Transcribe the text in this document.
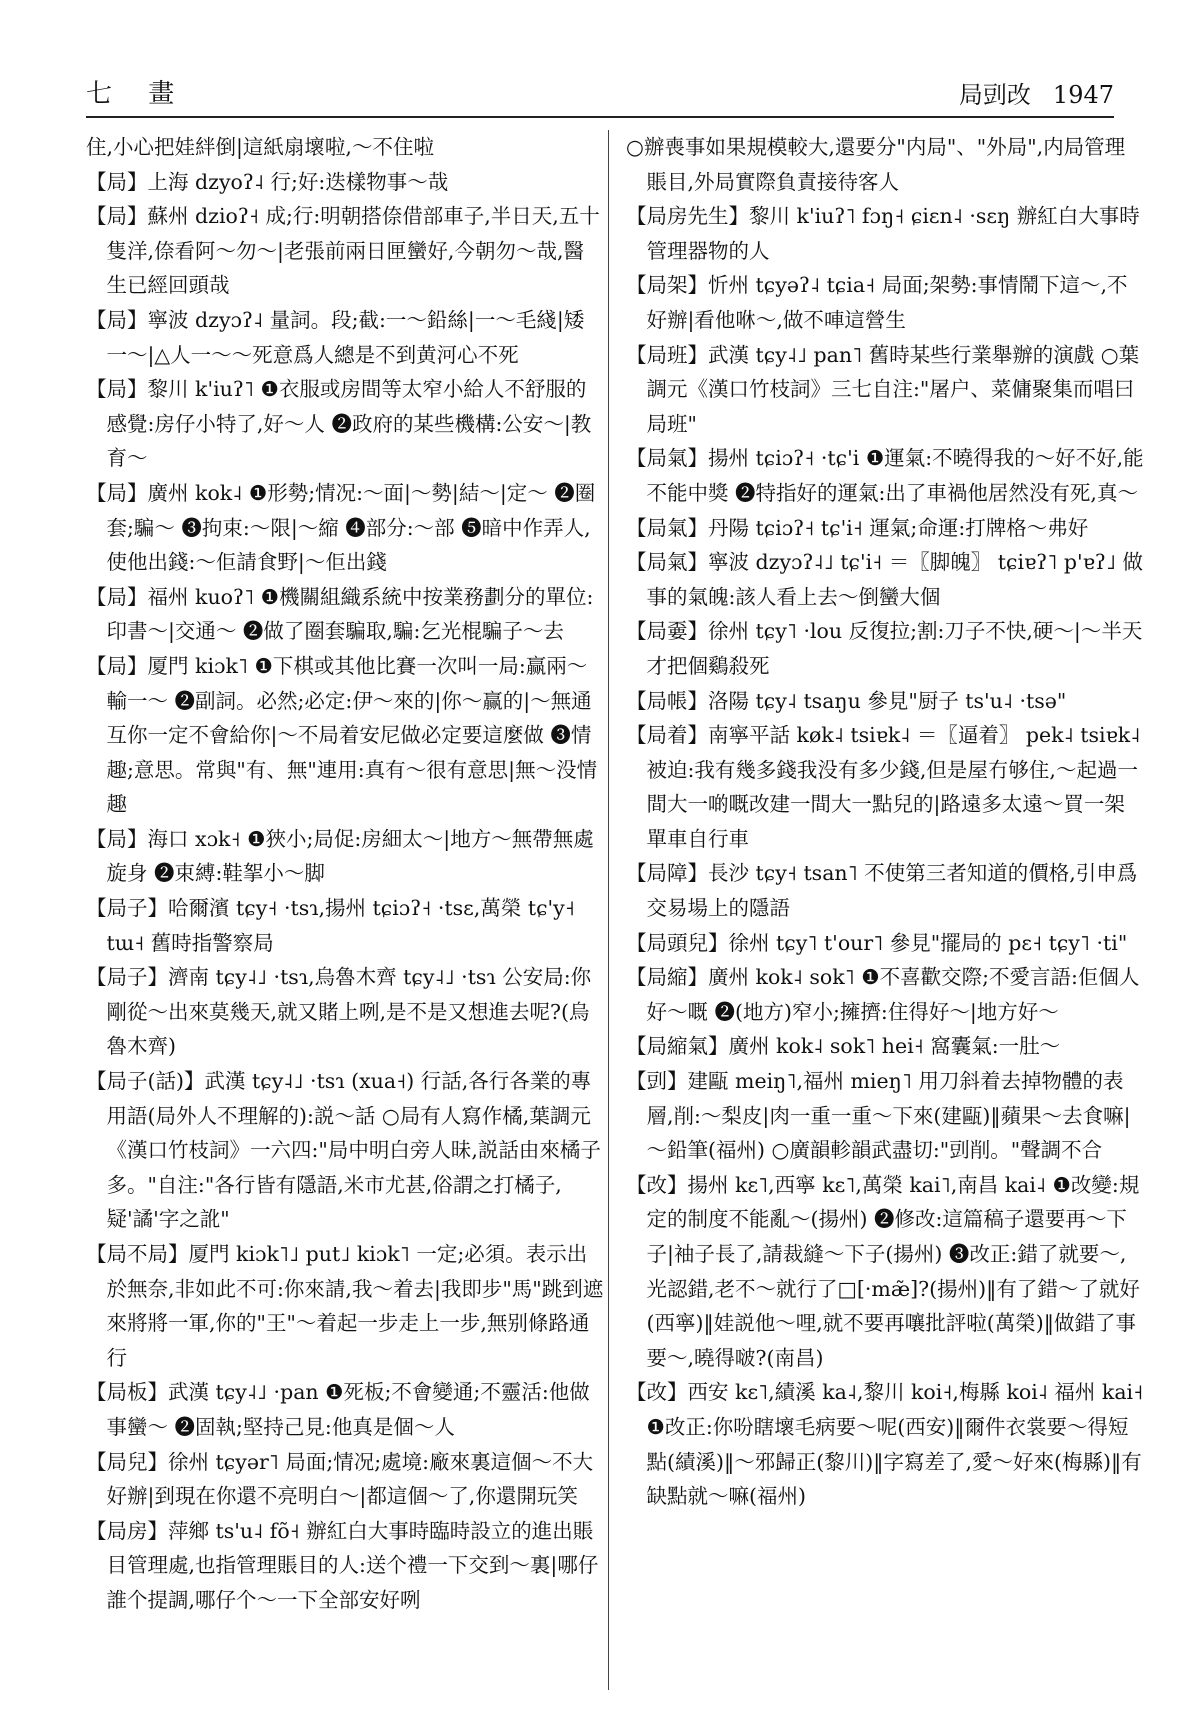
七 畫	局剅改 1947

住,小心把娃絆倒|這紙扇壞啦,～不住啦

【局】上海 dzyoʔ˨ 行;好:迭樣物事～哉

【局】蘇州 dzioʔ˧ 成;行:明朝搭倷借部車子,半日天,五十隻洋,倷看阿～勿～|老張前兩日匣蠻好,今朝勿～哉,醫生已經回頭哉

【局】寧波 dzyɔʔ˨ 量詞。段;截:一～鉛絲|一～毛綫|矮一～|△人一～～死意爲人總是不到黄河心不死

【局】黎川 k'iuʔ˥ ❶衣服或房間等太窄小給人不舒服的感覺:房仔小特了,好～人 ❷政府的某些機構:公安～|教育～

【局】廣州 kok˨ ❶形勢;情况:～面|～勢|結～|定～ ❷圈套;騙～ ❸拘束:～限|～縮 ❹部分:～部 ❺暗中作弄人,使他出錢:～佢請食野|～佢出錢

【局】福州 kuoʔ˥ ❶機關組織系統中按業務劃分的單位:印書～|交通～ ❷做了圈套騙取,騙:乞光棍騙子～去

【局】厦門 kiɔk˥ ❶下棋或其他比賽一次叫一局:赢兩～輸一～ ❷副詞。必然;必定:伊～來的|你～赢的|～無通互你一定不會給你|～不局着安尼做必定要這麼做 ❸情趣;意思。常與"有、無"連用:真有～很有意思|無～没情趣

【局】海口 xɔk˧ ❶狹小;局促:房細太～|地方～無帶無處旋身 ❷束縛:鞋挐小～脚

【局子】哈爾濱 tɕy˧ ·tsɿ,揚州 tɕiɔʔ˧ ·tsɛ,萬榮 tɕ'y˧ tɯ˧ 舊時指警察局

【局子】濟南 tɕy˨˩ ·tsɿ,烏魯木齊 tɕy˨˩ ·tsɿ 公安局:你剛從～出來莫幾天,就又賭上咧,是不是又想進去呢?(烏魯木齊)

【局子(話)】武漢 tɕy˨˩ ·tsɿ (xua˧) 行話,各行各業的專用語(局外人不理解的):説～話 ○局有人寫作橘,葉調元《漢口竹枝詞》一六四:"局中明白旁人昧,説話由來橘子多。"自注:"各行皆有隱語,米市尤甚,俗謂之打橘子,疑'譎'字之訛"

【局不局】厦門 kiɔk˥˩ put˩ kiɔk˥ 一定;必須。表示出於無奈,非如此不可:你來請,我～着去|我即步"馬"跳到遮來將將一軍,你的"王"～着起一步走上一步,無别條路通行

【局板】武漢 tɕy˨˩ ·pan ❶死板;不會變通;不靈活:他做事蠻～ ❷固執;堅持己見:他真是個～人

【局兒】徐州 tɕyər˥ 局面;情况;處境:廠來裏這個～不大好辦|到現在你還不亮明白～|都這個～了,你還開玩笑

【局房】萍鄉 ts'u˨ fõ˧ 辦紅白大事時臨時設立的進出賬目管理處,也指管理賬目的人:送个禮一下交到～裏|哪仔誰个提調,哪仔个～一下全部安好咧

○辦喪事如果規模較大,還要分"内局"、"外局",内局管理賬目,外局實際負責接待客人

【局房先生】黎川 k'iuʔ˥ fɔŋ˧ ɕiɛn˨ ·sɛŋ 辦紅白大事時管理器物的人

【局架】忻州 tɕyəʔ˨ tɕia˧ 局面;架勢:事情鬧下這～,不好辦|看他咻～,做不唓這營生

【局班】武漢 tɕy˨˩ pan˥ 舊時某些行業舉辦的演戲 ○葉調元《漢口竹枝詞》三七自注:"屠户、菜傭聚集而唱曰局班"

【局氣】揚州 tɕiɔʔ˧ ·tɕ'i ❶運氣:不曉得我的～好不好,能不能中獎 ❷特指好的運氣:出了車禍他居然没有死,真～

【局氣】丹陽 tɕiɔʔ˧ tɕ'i˧ 運氣;命運:打牌格～弗好

【局氣】寧波 dzyɔʔ˨˩ tɕ'i˧ ＝〖脚魄〗 tɕiɐʔ˥ p'ɐʔ˩ 做事的氣魄:該人看上去～倒蠻大個

【局嫑】徐州 tɕy˥ ·lou 反復拉;割:刀子不快,硬～|～半天才把個鷄殺死

【局帳】洛陽 tɕy˨ tsaŋu 參見"厨子 ts'u˨ ·tsə"

【局着】南寧平話 køk˨ tsiɐk˨ ＝〖逼着〗 pek˨ tsiɐk˨ 被迫:我有幾多錢我没有多少錢,但是屋冇够住,～起過一間大一啲嘅改建一間大一點兒的|路遠多太遠～買一架單車自行車

【局障】長沙 tɕy˧ tsan˥ 不使第三者知道的價格,引申爲交易場上的隱語

【局頭兒】徐州 tɕy˥ t'our˥ 參見"擺局的 pɛ˧ tɕy˥ ·ti"

【局縮】廣州 kok˨ sok˥ ❶不喜歡交際;不愛言語:佢個人好～嘅 ❷(地方)窄小;擁擠:住得好～|地方好～

【局縮氣】廣州 kok˨ sok˥ hei˧ 窩囊氣:一肚～

【剅】建甌 meiŋ˥,福州 mieŋ˥ 用刀斜着去掉物體的表層,削:～梨皮|肉一重一重～下來(建甌)‖蘋果～去食嘛|～鉛筆(福州) ○廣韻軫韻武盡切:"剅削。"聲調不合

【改】揚州 kɛ˥,西寧 kɛ˥,萬榮 kai˥,南昌 kai˨ ❶改變:規定的制度不能亂～(揚州) ❷修改:這篇稿子還要再～下子|袖子長了,請裁縫～下子(揚州) ❸改正:錯了就要～,光認錯,老不～就行了□[·mæ̃]?(揚州)‖有了錯～了就好(西寧)‖娃説他～哩,就不要再嚷批評啦(萬榮)‖做錯了事要～,曉得啵?(南昌)

【改】西安 kɛ˥,績溪 ka˨,黎川 koi˧,梅縣 koi˨ 福州 kai˧ ❶改正:你吩瞎壞毛病要～呢(西安)‖爾件衣裳要～得短點(績溪)‖～邪歸正(黎川)‖字寫差了,愛～好來(梅縣)‖有缺點就～嘛(福州)
